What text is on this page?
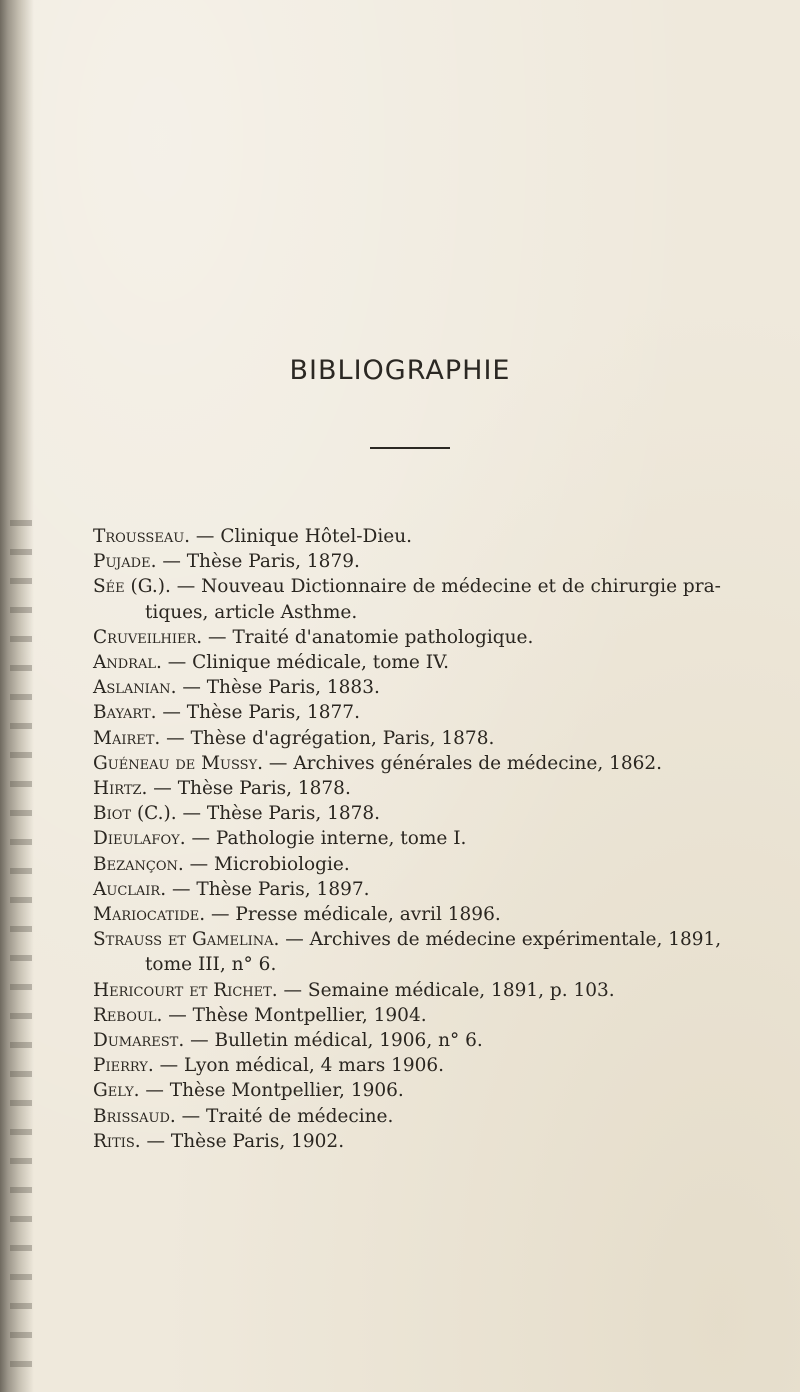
BIBLIOGRAPHIE
Trousseau. — Clinique Hôtel-Dieu.
Pujade. — Thèse Paris, 1879.
Sée (G.). — Nouveau Dictionnaire de médecine et de chirurgie pra-
tiques, article Asthme.
Cruveilhier. — Traité d'anatomie pathologique.
Andral. — Clinique médicale, tome IV.
Aslanian. — Thèse Paris, 1883.
Bayart. — Thèse Paris, 1877.
Mairet. — Thèse d'agrégation, Paris, 1878.
Guéneau de Mussy. — Archives générales de médecine, 1862.
Hirtz. — Thèse Paris, 1878.
Biot (C.). — Thèse Paris, 1878.
Dieulafoy. — Pathologie interne, tome I.
Bezançon. — Microbiologie.
Auclair. — Thèse Paris, 1897.
Mariocatide. — Presse médicale, avril 1896.
Strauss et Gamelina. — Archives de médecine expérimentale, 1891,
tome III, n° 6.
Hericourt et Richet. — Semaine médicale, 1891, p. 103.
Reboul. — Thèse Montpellier, 1904.
Dumarest. — Bulletin médical, 1906, n° 6.
Pierry. — Lyon médical, 4 mars 1906.
Gely. — Thèse Montpellier, 1906.
Brissaud. — Traité de médecine.
Ritis. — Thèse Paris, 1902.
